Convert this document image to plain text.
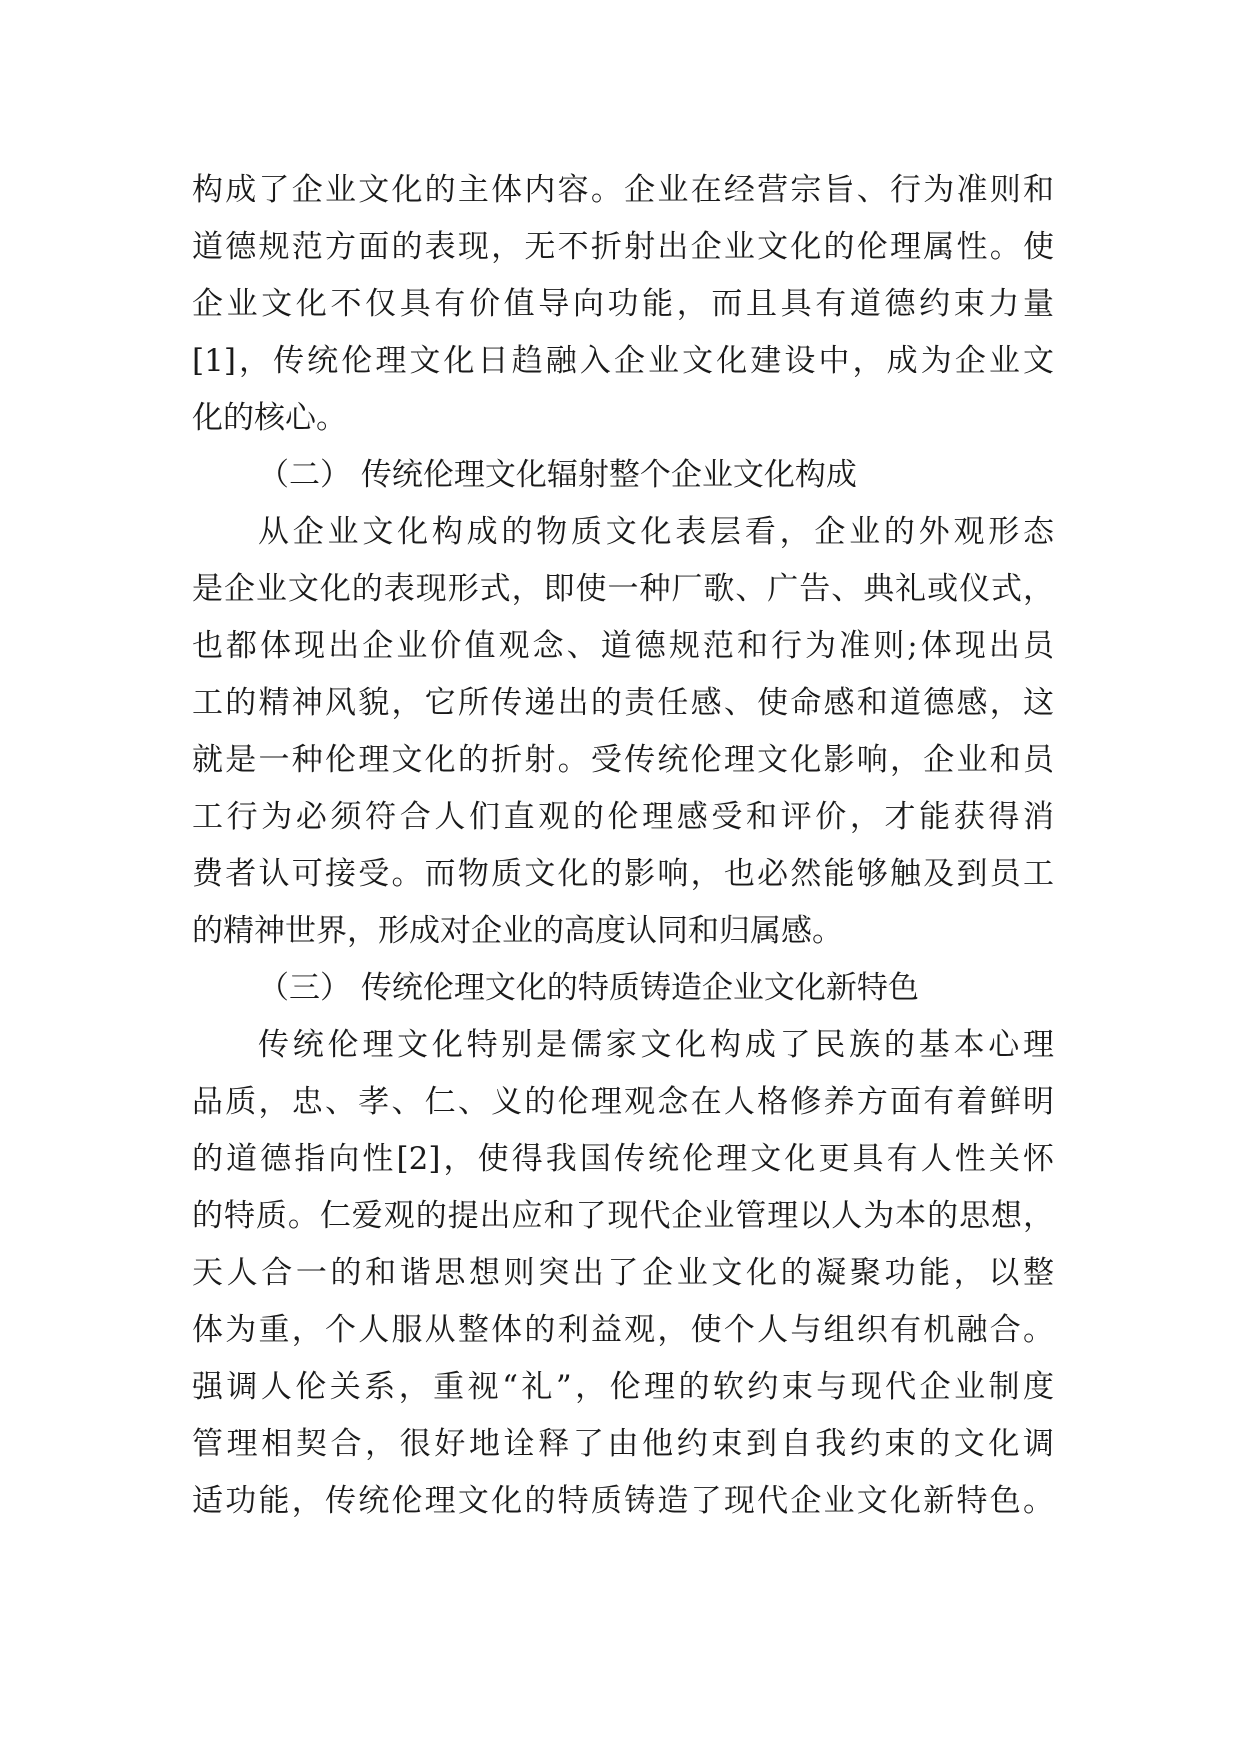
构成了企业文化的主体内容。企业在经营宗旨、行为准则和
道德规范方面的表现，无不折射出企业文化的伦理属性。使
企业文化不仅具有价值导向功能，而且具有道德约束力量
[1]，传统伦理文化日趋融入企业文化建设中，成为企业文
化的核心。
（二） 传统伦理文化辐射整个企业文化构成
从企业文化构成的物质文化表层看，企业的外观形态
是企业文化的表现形式，即使一种厂歌、广告、典礼或仪式，
也都体现出企业价值观念、道德规范和行为准则;体现出员
工的精神风貌，它所传递出的责任感、使命感和道德感，这
就是一种伦理文化的折射。受传统伦理文化影响，企业和员
工行为必须符合人们直观的伦理感受和评价，才能获得消
费者认可接受。而物质文化的影响，也必然能够触及到员工
的精神世界，形成对企业的高度认同和归属感。
（三） 传统伦理文化的特质铸造企业文化新特色
传统伦理文化特别是儒家文化构成了民族的基本心理
品质，忠、孝、仁、义的伦理观念在人格修养方面有着鲜明
的道德指向性[2]，使得我国传统伦理文化更具有人性关怀
的特质。仁爱观的提出应和了现代企业管理以人为本的思想，
天人合一的和谐思想则突出了企业文化的凝聚功能，以整
体为重，个人服从整体的利益观，使个人与组织有机融合。
强调人伦关系，重视“礼”，伦理的软约束与现代企业制度
管理相契合，很好地诠释了由他约束到自我约束的文化调
适功能，传统伦理文化的特质铸造了现代企业文化新特色。
